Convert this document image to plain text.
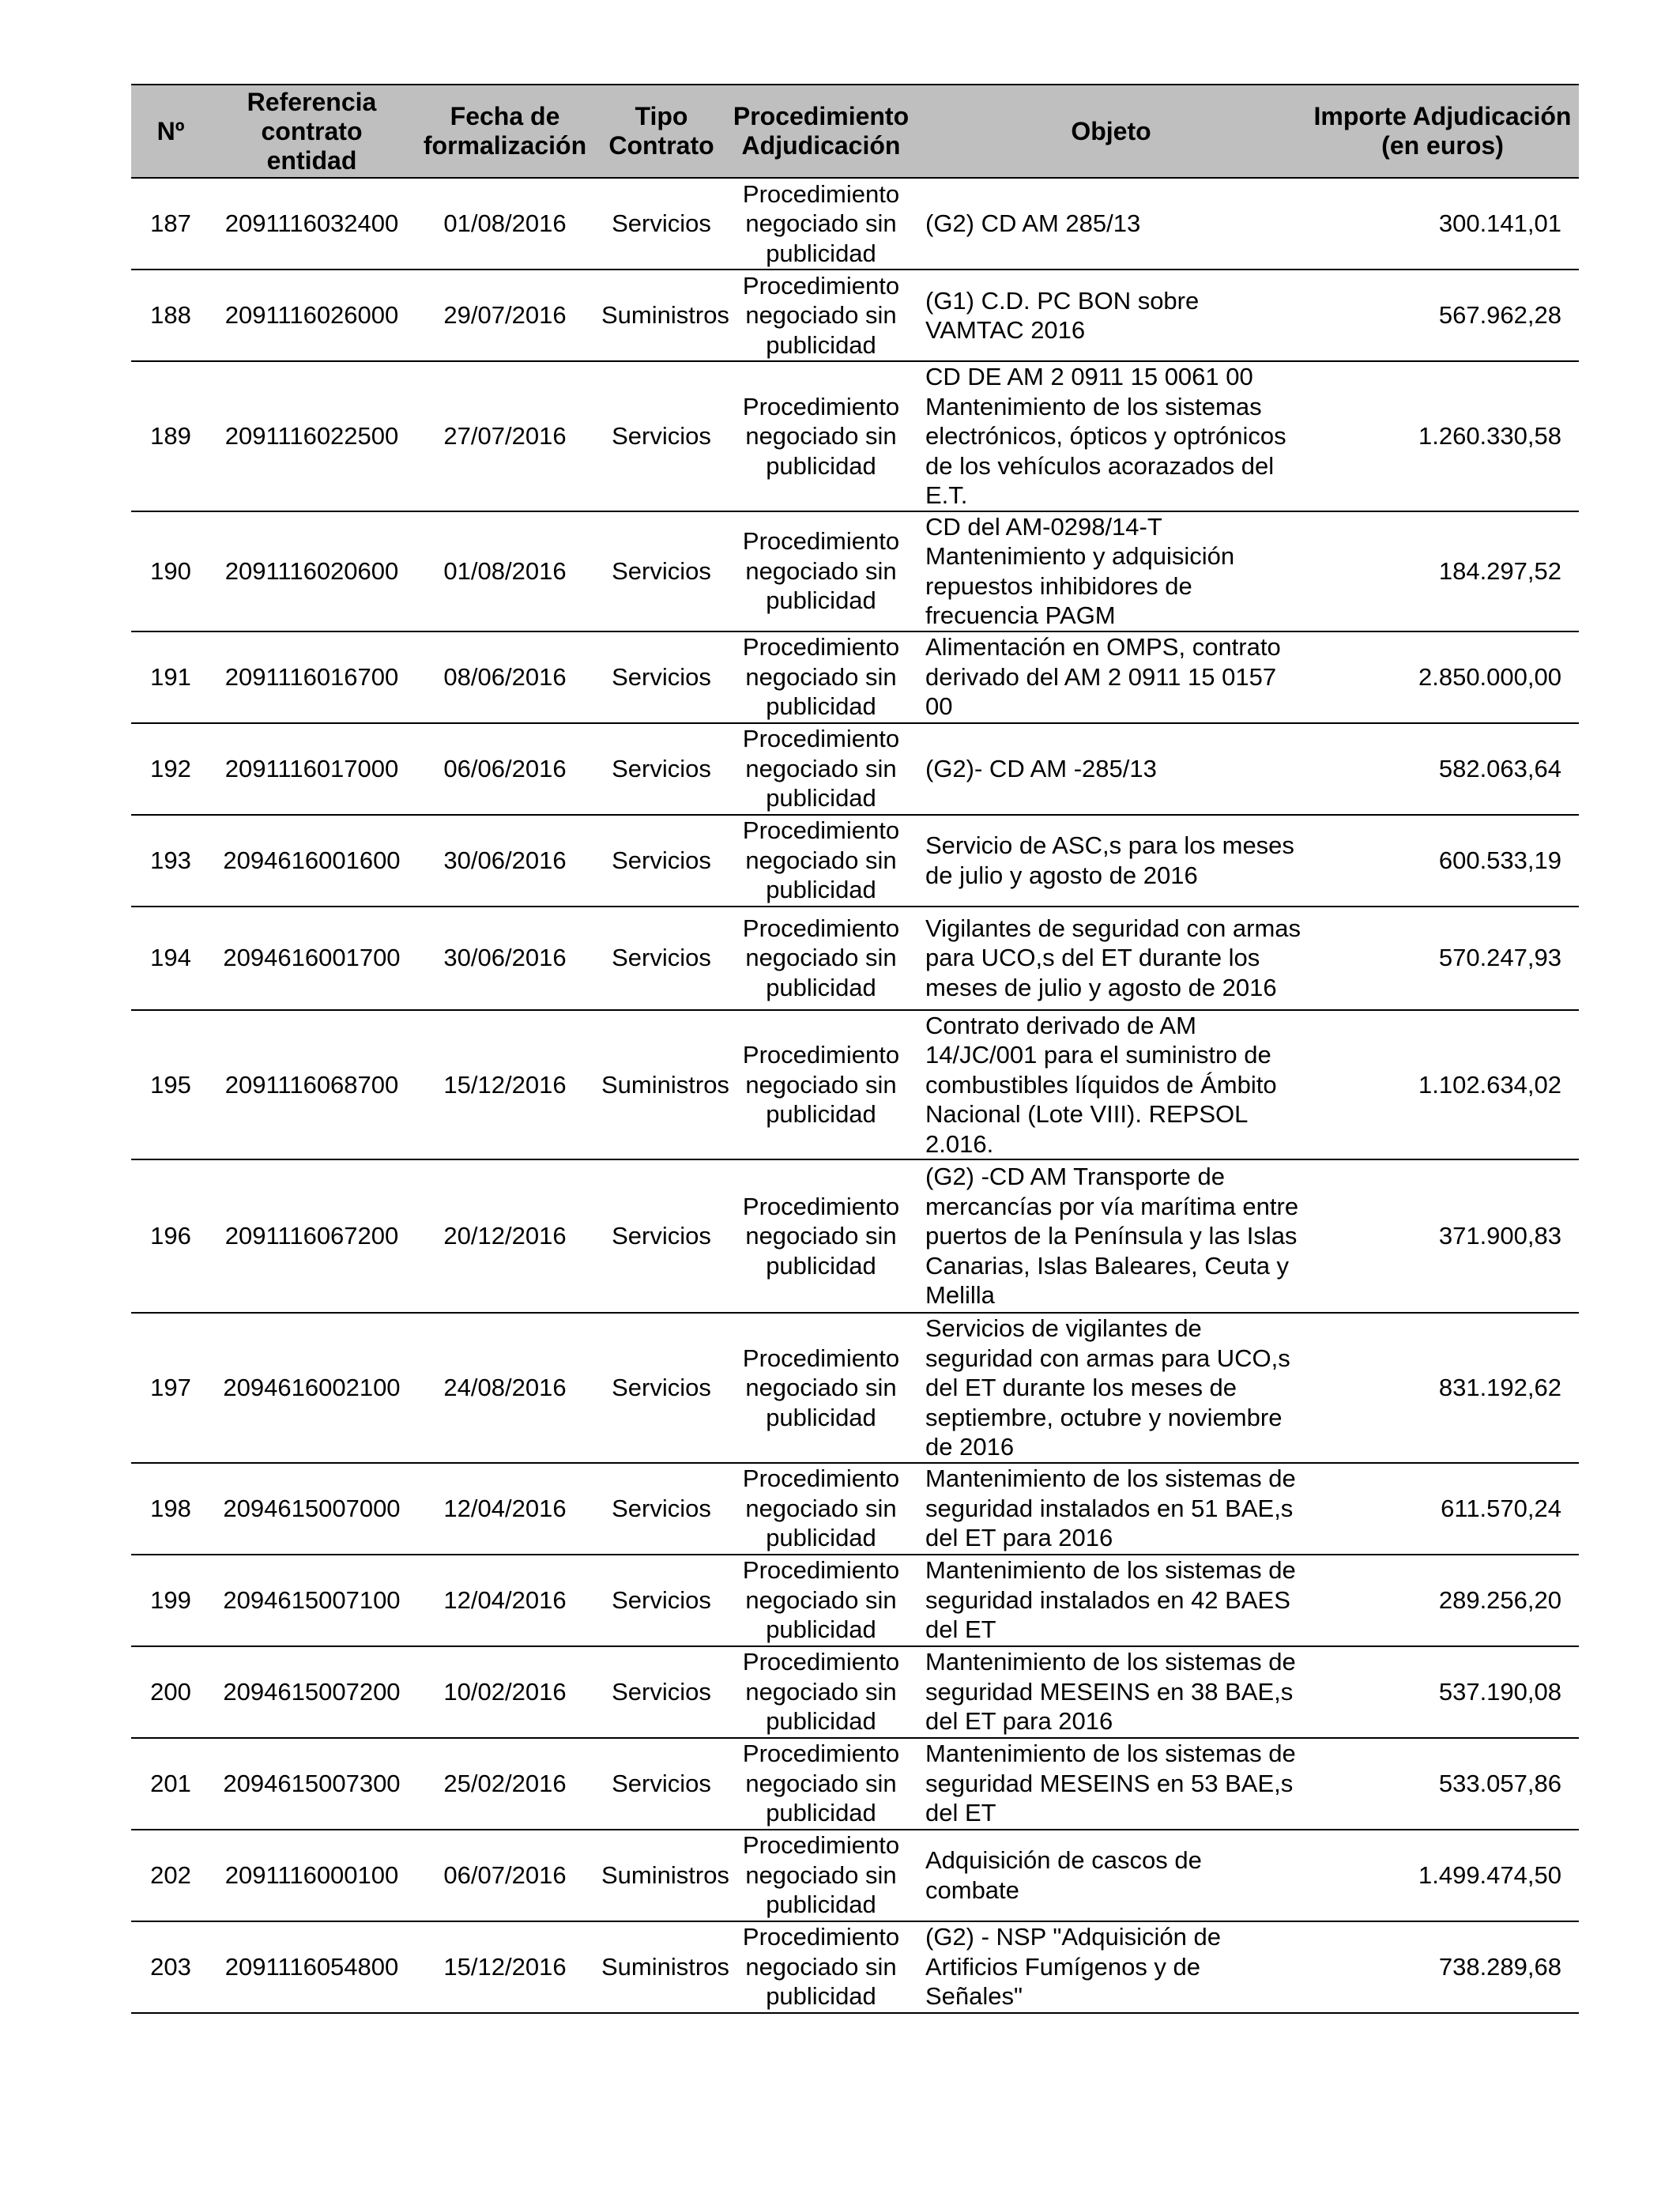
Nº	Referencia contrato entidad	Fecha de formalización	Tipo Contrato	Procedimiento Adjudicación	Objeto	Importe Adjudicación (en euros)
187	2091116032400	01/08/2016	Servicios	Procedimiento negociado sin publicidad	(G2) CD AM 285/13	300.141,01
188	2091116026000	29/07/2016	Suministros	Procedimiento negociado sin publicidad	(G1) C.D. PC BON sobre VAMTAC 2016	567.962,28
189	2091116022500	27/07/2016	Servicios	Procedimiento negociado sin publicidad	CD DE AM 2 0911 15 0061 00 Mantenimiento de los sistemas electrónicos, ópticos y optrónicos de los vehículos acorazados del E.T.	1.260.330,58
190	2091116020600	01/08/2016	Servicios	Procedimiento negociado sin publicidad	CD del AM-0298/14-T Mantenimiento y adquisición repuestos inhibidores de frecuencia PAGM	184.297,52
191	2091116016700	08/06/2016	Servicios	Procedimiento negociado sin publicidad	Alimentación en OMPS, contrato derivado del AM 2 0911 15 0157 00	2.850.000,00
192	2091116017000	06/06/2016	Servicios	Procedimiento negociado sin publicidad	(G2)- CD AM -285/13	582.063,64
193	2094616001600	30/06/2016	Servicios	Procedimiento negociado sin publicidad	Servicio de ASC,s para los meses de julio y agosto de 2016	600.533,19
194	2094616001700	30/06/2016	Servicios	Procedimiento negociado sin publicidad	Vigilantes de seguridad con armas para UCO,s del ET durante los meses de julio y agosto de 2016	570.247,93
195	2091116068700	15/12/2016	Suministros	Procedimiento negociado sin publicidad	Contrato derivado de AM 14/JC/001 para el suministro de combustibles líquidos de Ámbito Nacional (Lote VIII). REPSOL 2.016.	1.102.634,02
196	2091116067200	20/12/2016	Servicios	Procedimiento negociado sin publicidad	(G2) -CD AM Transporte de mercancías por vía marítima entre puertos de la Península y las Islas Canarias, Islas Baleares, Ceuta y Melilla	371.900,83
197	2094616002100	24/08/2016	Servicios	Procedimiento negociado sin publicidad	Servicios de vigilantes de seguridad con armas para UCO,s del ET durante los meses de septiembre, octubre y noviembre de 2016	831.192,62
198	2094615007000	12/04/2016	Servicios	Procedimiento negociado sin publicidad	Mantenimiento de los sistemas de seguridad instalados en 51 BAE,s del ET para 2016	611.570,24
199	2094615007100	12/04/2016	Servicios	Procedimiento negociado sin publicidad	Mantenimiento de los sistemas de seguridad instalados en 42 BAES del ET	289.256,20
200	2094615007200	10/02/2016	Servicios	Procedimiento negociado sin publicidad	Mantenimiento de los sistemas de seguridad MESEINS en 38 BAE,s del ET para 2016	537.190,08
201	2094615007300	25/02/2016	Servicios	Procedimiento negociado sin publicidad	Mantenimiento de los sistemas de seguridad MESEINS en 53 BAE,s del ET	533.057,86
202	2091116000100	06/07/2016	Suministros	Procedimiento negociado sin publicidad	Adquisición de cascos de combate	1.499.474,50
203	2091116054800	15/12/2016	Suministros	Procedimiento negociado sin publicidad	(G2) - NSP "Adquisición de Artificios Fumígenos y de Señales"	738.289,68
